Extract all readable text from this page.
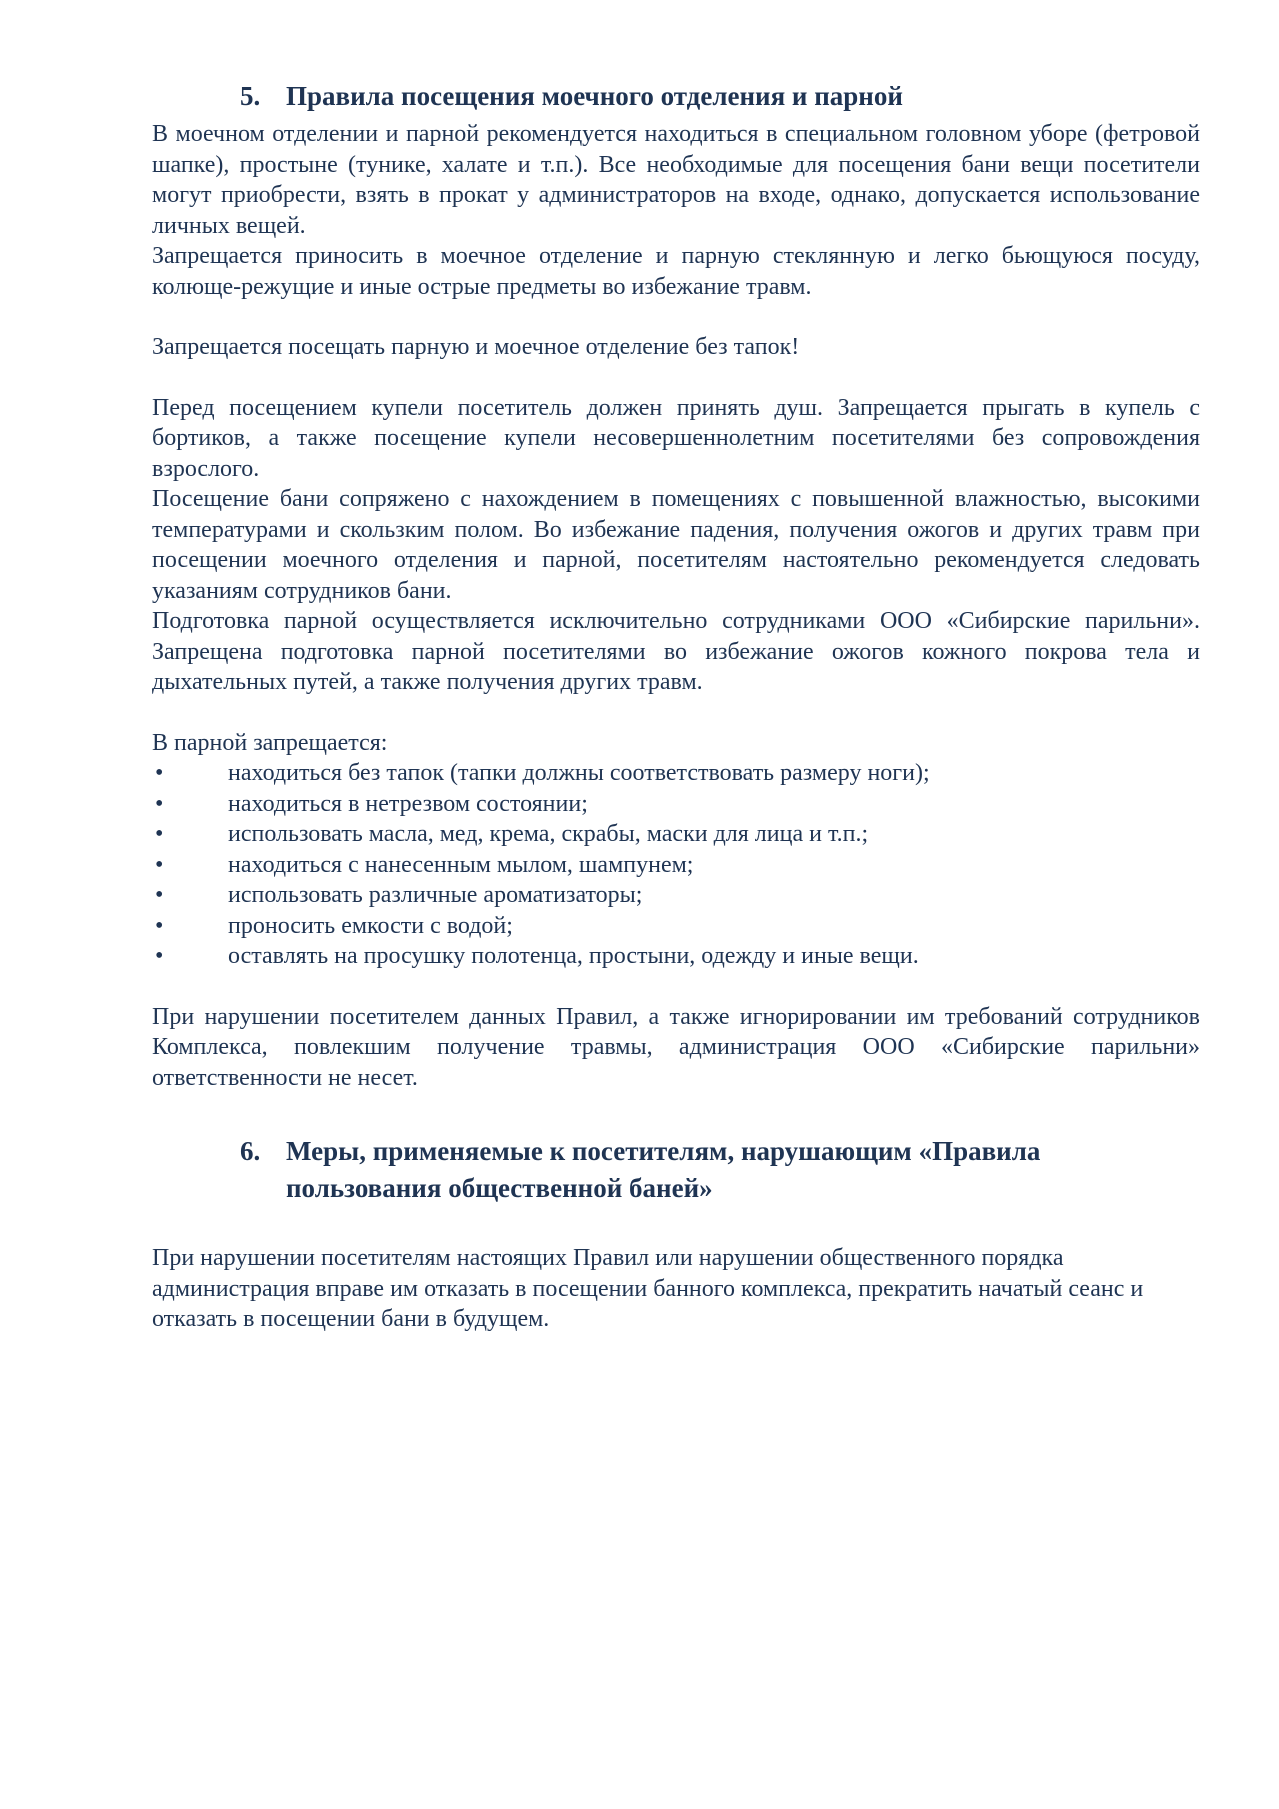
5. Правила посещения моечного отделения и парной

В моечном отделении и парной рекомендуется находиться в специальном головном уборе (фетровой шапке), простыне (тунике, халате и т.п.). Все необходимые для посещения бани вещи посетители могут приобрести, взять в прокат у администраторов на входе, однако, допускается использование личных вещей.

Запрещается приносить в моечное отделение и парную стеклянную и легко бьющуюся посуду, колюще-режущие и иные острые предметы во избежание травм.

Запрещается посещать парную и моечное отделение без тапок!

Перед посещением купели посетитель должен принять душ. Запрещается прыгать в купель с бортиков, а также посещение купели несовершеннолетним посетителями без сопровождения взрослого.

Посещение бани сопряжено с нахождением в помещениях с повышенной влажностью, высокими температурами и скользким полом. Во избежание падения, получения ожогов и других травм при посещении моечного отделения и парной, посетителям настоятельно рекомендуется следовать указаниям сотрудников бани.

Подготовка парной осуществляется исключительно сотрудниками ООО «Сибирские парильни». Запрещена подготовка парной посетителями во избежание ожогов кожного покрова тела и дыхательных путей, а также получения других травм.

В парной запрещается:

•	находиться без тапок (тапки должны соответствовать размеру ноги);
•	находиться в нетрезвом состоянии;
•	использовать масла, мед, крема, скрабы, маски для лица и т.п.;
•	находиться с нанесенным мылом, шампунем;
•	использовать различные ароматизаторы;
•	проносить емкости с водой;
•	оставлять на просушку полотенца, простыни, одежду и иные вещи.

При нарушении посетителем данных Правил, а также игнорировании им требований сотрудников Комплекса, повлекшим получение травмы, администрация ООО «Сибирские парильни» ответственности не несет.

6. Меры, применяемые к посетителям, нарушающим «Правила пользования общественной баней»

При нарушении посетителям настоящих Правил или нарушении общественного порядка администрация вправе им отказать в посещении банного комплекса, прекратить начатый сеанс и отказать в посещении бани в будущем.
